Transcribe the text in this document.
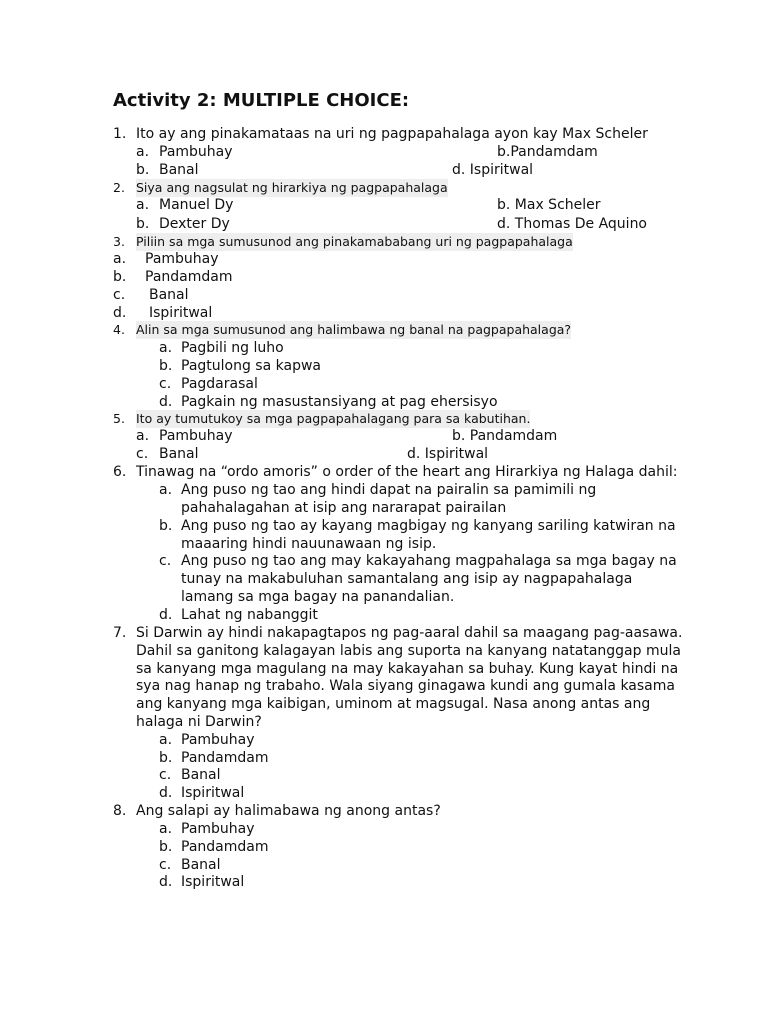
Activity 2: MULTIPLE CHOICE:
1. Ito ay ang pinakamataas na uri ng pagpapahalaga ayon kay Max Scheler
a. Pambuhay	b.Pandamdam
b. Banal	d. Ispiritwal
2. Siya ang nagsulat ng hirarkiya ng pagpapahalaga
a. Manuel Dy	b. Max Scheler
b. Dexter Dy	d. Thomas De Aquino
3. Piliin sa mga sumusunod ang pinakamababang uri ng pagpapahalaga
a. Pambuhay
b. Pandamdam
c. Banal
d. Ispiritwal
4. Alin sa mga sumusunod ang halimbawa ng banal na pagpapahalaga?
a. Pagbili ng luho
b. Pagtulong sa kapwa
c. Pagdarasal
d. Pagkain ng masustansiyang at pag ehersisyo
5. Ito ay tumutukoy sa mga pagpapahalagang para sa kabutihan.
a. Pambuhay	b. Pandamdam
c. Banal	d. Ispiritwal
6. Tinawag na “ordo amoris” o order of the heart ang Hirarkiya ng Halaga dahil:
a. Ang puso ng tao ang hindi dapat na pairalin sa pamimili ng
pahahalagahan at isip ang nararapat pairailan
b. Ang puso ng tao ay kayang magbigay ng kanyang sariling katwiran na
maaaring hindi nauunawaan ng isip.
c. Ang puso ng tao ang may kakayahang magpahalaga sa mga bagay na
tunay na makabuluhan samantalang ang isip ay nagpapahalaga
lamang sa mga bagay na panandalian.
d. Lahat ng nabanggit
7. Si Darwin ay hindi nakapagtapos ng pag-aaral dahil sa maagang pag-aasawa.
Dahil sa ganitong kalagayan labis ang suporta na kanyang natatanggap mula
sa kanyang mga magulang na may kakayahan sa buhay. Kung kayat hindi na
sya nag hanap ng trabaho. Wala siyang ginagawa kundi ang gumala kasama
ang kanyang mga kaibigan, uminom at magsugal. Nasa anong antas ang
halaga ni Darwin?
a. Pambuhay
b. Pandamdam
c. Banal
d. Ispiritwal
8. Ang salapi ay halimabawa ng anong antas?
a. Pambuhay
b. Pandamdam
c. Banal
d. Ispiritwal
